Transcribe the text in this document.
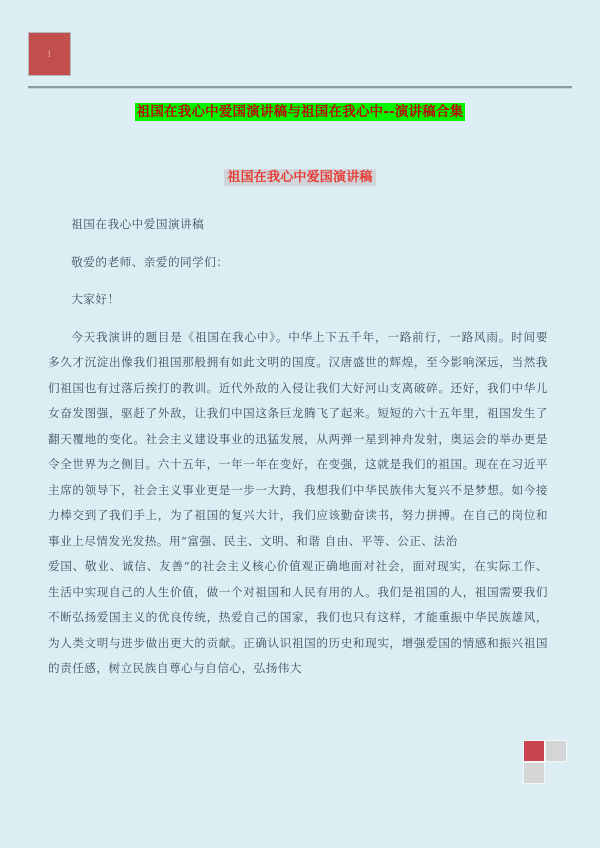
1
祖国在我心中爱国演讲稿与祖国在我心中--演讲稿合集
祖国在我心中爱国演讲稿

祖国在我心中爱国演讲稿

敬爱的老师、亲爱的同学们：

大家好！

今天我演讲的题目是《祖国在我心中》。中华上下五千年，一路前行，一路风雨。时间要多久才沉淀出像我们祖国那般拥有如此文明的国度。汉唐盛世的辉煌，至今影响深远，当然我们祖国也有过落后挨打的教训。近代外敌的入侵让我们大好河山支离破碎。还好，我们中华儿女奋发图强，驱赶了外敌，让我们中国这条巨龙腾飞了起来。短短的六十五年里，祖国发生了翻天覆地的变化。社会主义建设事业的迅猛发展，从两弹一星到神舟发射，奥运会的举办更是令全世界为之侧目。六十五年，一年一年在变好，在变强，这就是我们的祖国。现在在习近平主席的领导下，社会主义事业更是一步一大跨，我想我们中华民族伟大复兴不是梦想。如今接力棒交到了我们手上，为了祖国的复兴大计，我们应该勤奋读书，努力拼搏。在自己的岗位和事业上尽情发光发热。用“富强、民主、文明、和谐 自由、平等、公正、法治

爱国、敬业、诚信、友善”的社会主义核心价值观正确地面对社会，面对现实，在实际工作、生活中实现自己的人生价值，做一个对祖国和人民有用的人。我们是祖国的人，祖国需要我们不断弘扬爱国主义的优良传统，热爱自己的国家，我们也只有这样，才能重振中华民族雄风，为人类文明与进步做出更大的贡献。正确认识祖国的历史和现实，增强爱国的情感和振兴祖国的责任感，树立民族自尊心与自信心，弘扬伟大
